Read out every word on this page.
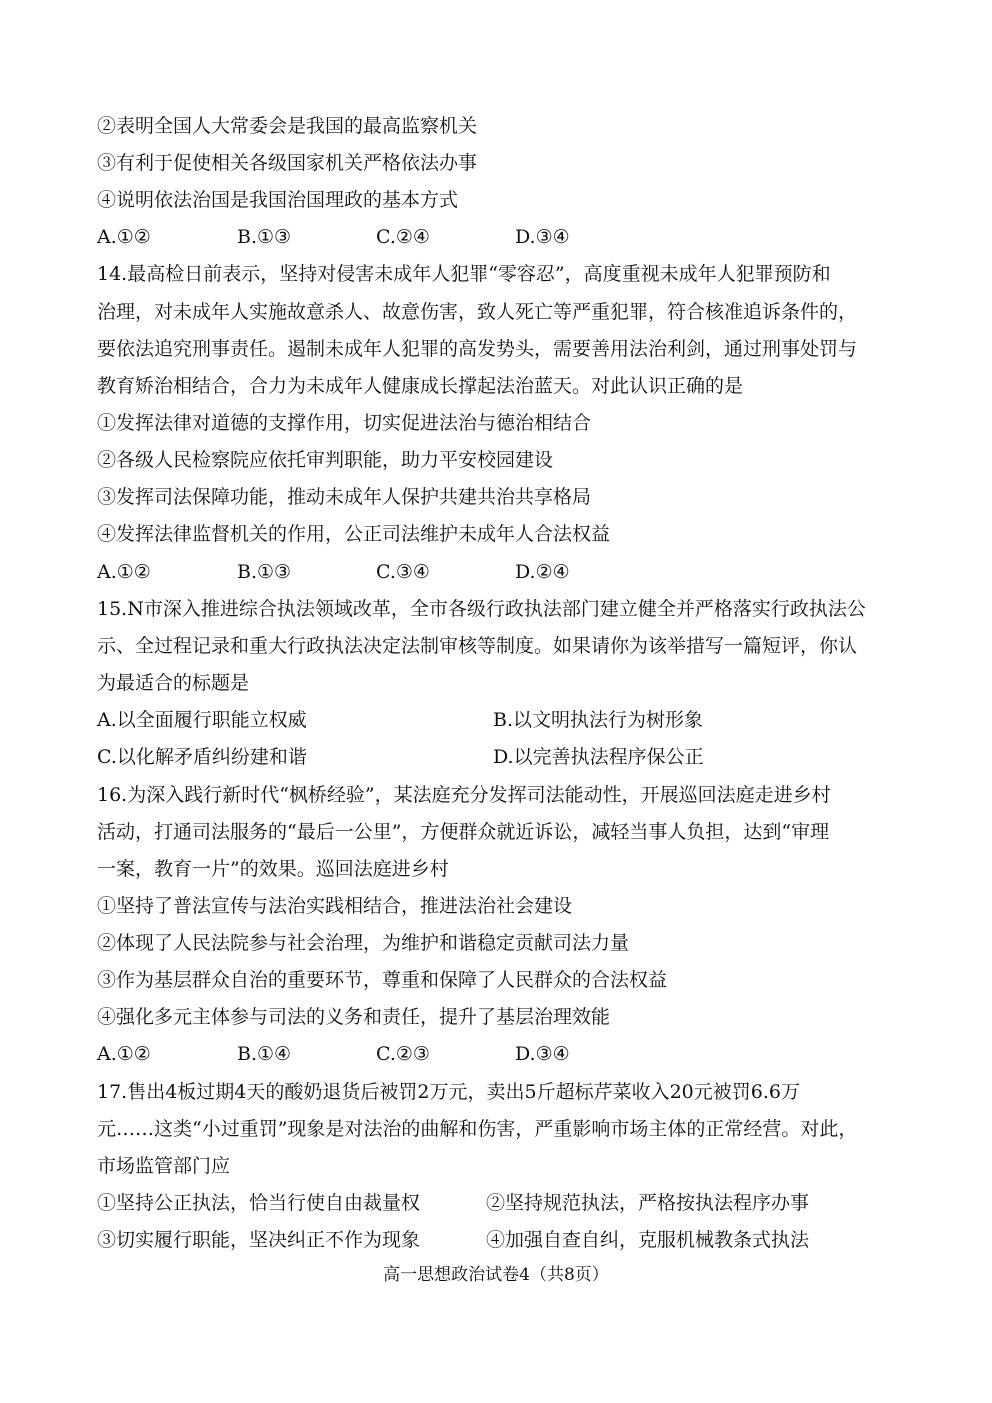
②表明全国人大常委会是我国的最高监察机关
③有利于促使相关各级国家机关严格依法办事
④说明依法治国是我国治国理政的基本方式
A.①②	B.①③	C.②④	D.③④
14.最高检日前表示，坚持对侵害未成年人犯罪“零容忍”，高度重视未成年人犯罪预防和
治理，对未成年人实施故意杀人、故意伤害，致人死亡等严重犯罪，符合核准追诉条件的，
要依法追究刑事责任。遏制未成年人犯罪的高发势头，需要善用法治利剑，通过刑事处罚与
教育矫治相结合，合力为未成年人健康成长撑起法治蓝天。对此认识正确的是
①发挥法律对道德的支撑作用，切实促进法治与德治相结合
②各级人民检察院应依托审判职能，助力平安校园建设
③发挥司法保障功能，推动未成年人保护共建共治共享格局
④发挥法律监督机关的作用，公正司法维护未成年人合法权益
A.①②	B.①③	C.③④	D.②④
15.N市深入推进综合执法领域改革，全市各级行政执法部门建立健全并严格落实行政执法公
示、全过程记录和重大行政执法决定法制审核等制度。如果请你为该举措写一篇短评，你认
为最适合的标题是
A.以全面履行职能立权威	B.以文明执法行为树形象
C.以化解矛盾纠纷建和谐	D.以完善执法程序保公正
16.为深入践行新时代“枫桥经验”，某法庭充分发挥司法能动性，开展巡回法庭走进乡村
活动，打通司法服务的“最后一公里”，方便群众就近诉讼，减轻当事人负担，达到“审理
一案，教育一片”的效果。巡回法庭进乡村
①坚持了普法宣传与法治实践相结合，推进法治社会建设
②体现了人民法院参与社会治理，为维护和谐稳定贡献司法力量
③作为基层群众自治的重要环节，尊重和保障了人民群众的合法权益
④强化多元主体参与司法的义务和责任，提升了基层治理效能
A.①②	B.①④	C.②③	D.③④
17.售出4板过期4天的酸奶退货后被罚2万元，卖出5斤超标芹菜收入20元被罚6.6万
元……这类“小过重罚”现象是对法治的曲解和伤害，严重影响市场主体的正常经营。对此，
市场监管部门应
①坚持公正执法，恰当行使自由裁量权	②坚持规范执法，严格按执法程序办事
③切实履行职能，坚决纠正不作为现象	④加强自查自纠，克服机械教条式执法
高一思想政治试卷4（共8页）
